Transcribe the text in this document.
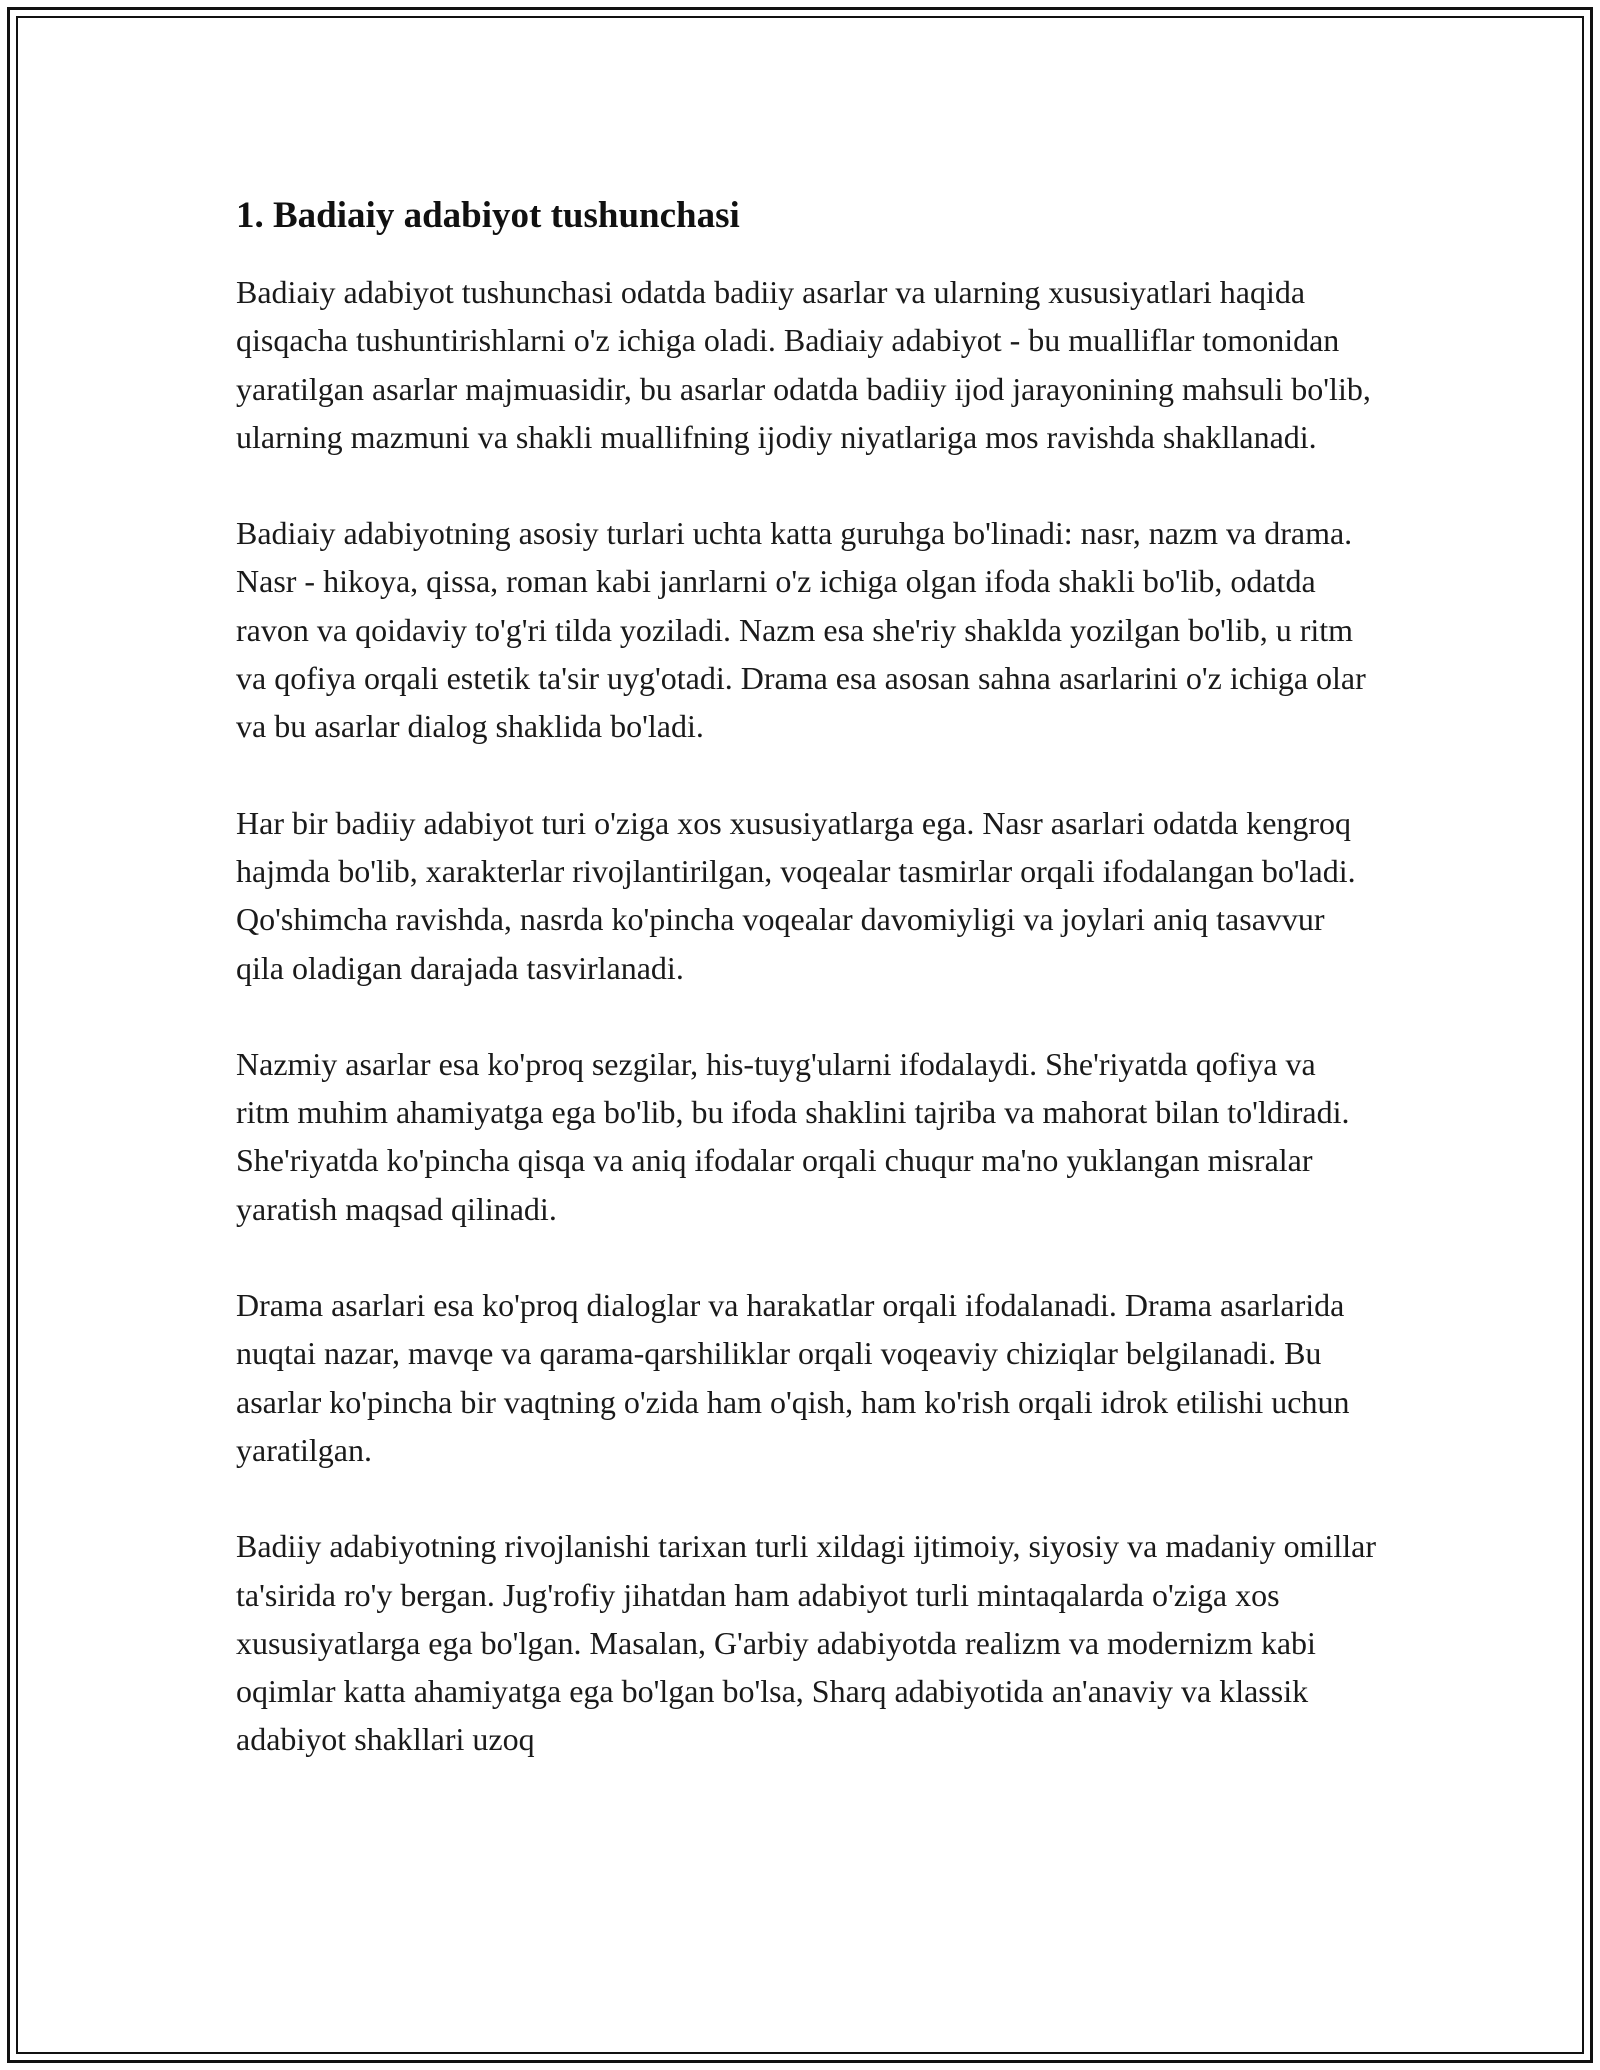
1. Badiaiy adabiyot tushunchasi

Badiaiy adabiyot tushunchasi odatda badiiy asarlar va ularning xususiyatlari haqida qisqacha tushuntirishlarni o'z ichiga oladi. Badiaiy adabiyot - bu mualliflar tomonidan yaratilgan asarlar majmuasidir, bu asarlar odatda badiiy ijod jarayonining mahsuli bo'lib, ularning mazmuni va shakli muallifning ijodiy niyatlariga mos ravishda shakllanadi.

Badiaiy adabiyotning asosiy turlari uchta katta guruhga bo'linadi: nasr, nazm va drama. Nasr - hikoya, qissa, roman kabi janrlarni o'z ichiga olgan ifoda shakli bo'lib, odatda ravon va qoidaviy to'g'ri tilda yoziladi. Nazm esa she'riy shaklda yozilgan bo'lib, u ritm va qofiya orqali estetik ta'sir uyg'otadi. Drama esa asosan sahna asarlarini o'z ichiga olar va bu asarlar dialog shaklida bo'ladi.

Har bir badiiy adabiyot turi o'ziga xos xususiyatlarga ega. Nasr asarlari odatda kengroq hajmda bo'lib, xarakterlar rivojlantirilgan, voqealar tasmirlar orqali ifodalangan bo'ladi. Qo'shimcha ravishda, nasrda ko'pincha voqealar davomiyligi va joylari aniq tasavvur qila oladigan darajada tasvirlanadi.

Nazmiy asarlar esa ko'proq sezgilar, his-tuyg'ularni ifodalaydi. She'riyatda qofiya va ritm muhim ahamiyatga ega bo'lib, bu ifoda shaklini tajriba va mahorat bilan to'ldiradi. She'riyatda ko'pincha qisqa va aniq ifodalar orqali chuqur ma'no yuklangan misralar yaratish maqsad qilinadi.

Drama asarlari esa ko'proq dialoglar va harakatlar orqali ifodalanadi. Drama asarlarida nuqtai nazar, mavqe va qarama-qarshiliklar orqali voqeaviy chiziqlar belgilanadi. Bu asarlar ko'pincha bir vaqtning o'zida ham o'qish, ham ko'rish orqali idrok etilishi uchun yaratilgan.

Badiiy adabiyotning rivojlanishi tarixan turli xildagi ijtimoiy, siyosiy va madaniy omillar ta'sirida ro'y bergan. Jug'rofiy jihatdan ham adabiyot turli mintaqalarda o'ziga xos xususiyatlarga ega bo'lgan. Masalan, G'arbiy adabiyotda realizm va modernizm kabi oqimlar katta ahamiyatga ega bo'lgan bo'lsa, Sharq adabiyotida an'anaviy va klassik adabiyot shakllari uzoq
